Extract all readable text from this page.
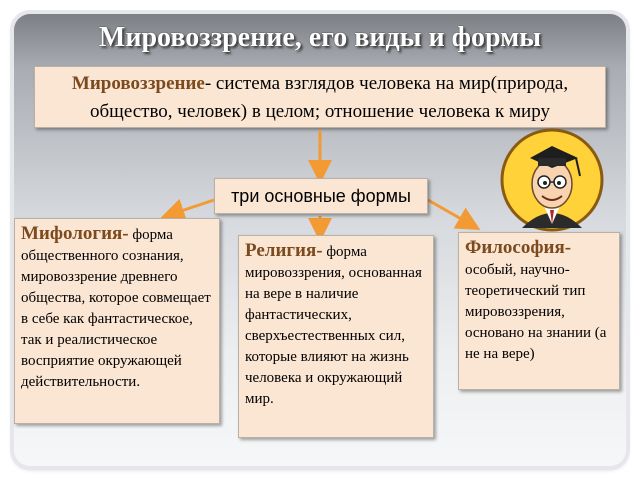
Мировоззрение, его виды и формы
Мировоззрение- система взглядов человека на мир(природа, общество, человек) в целом; отношение человека к миру
три основные формы
Мифология- форма общественного сознания, мировоззрение древнего общества, которое совмещает в себе как фантастическое, так и реалистическое восприятие окружающей действительности.
Религия- форма мировоззрения, основанная на вере в наличие фантастических, сверхъестественных сил, которые влияют на жизнь человека и окружающий мир.
Философия- особый, научно-теоретический тип мировоззрения, основано на знании (а не на вере)
